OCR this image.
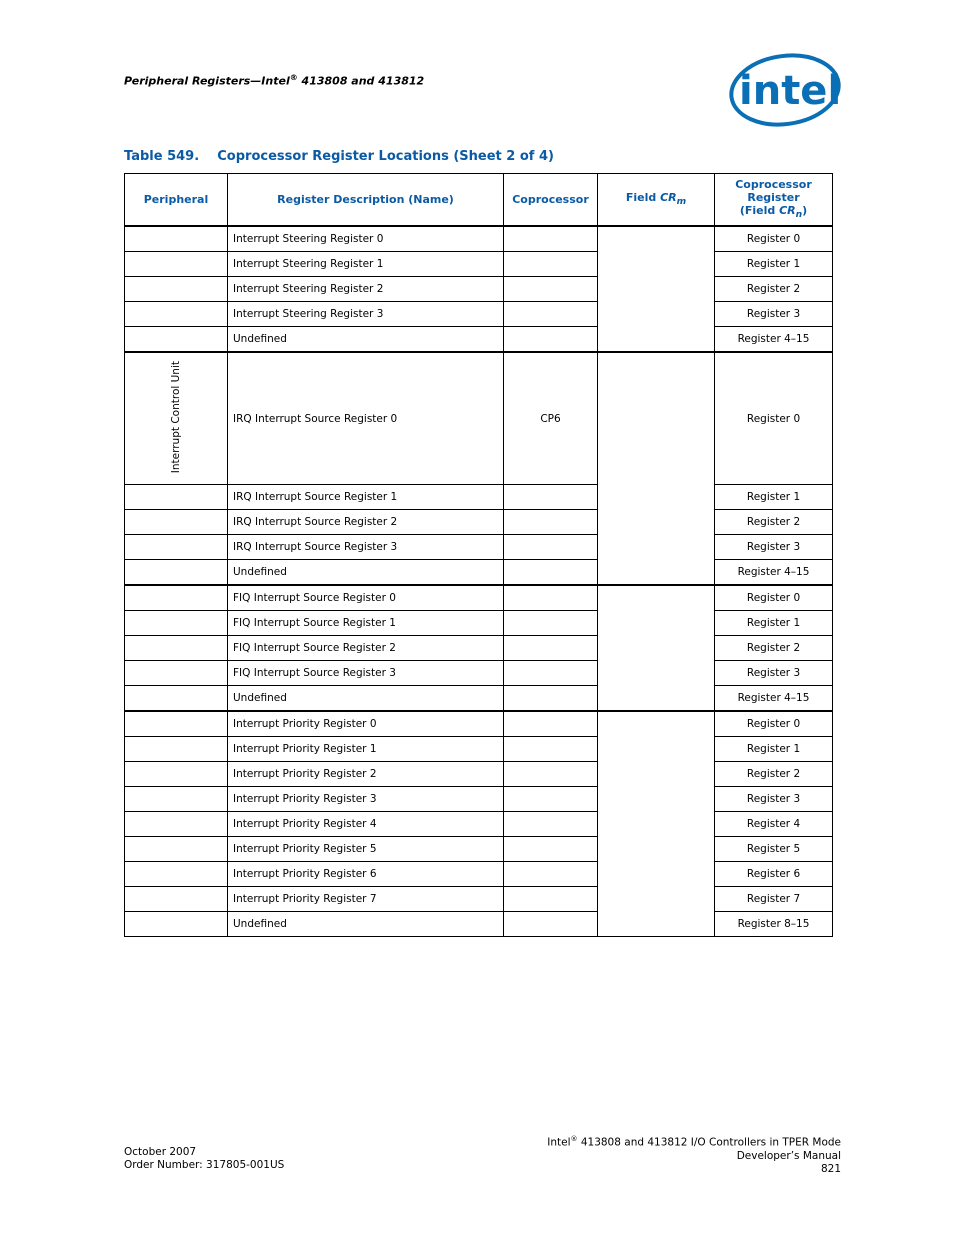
Peripheral Registers—Intel® 413808 and 413812	intel
Table 549. Coprocessor Register Locations (Sheet 2 of 4)
Peripheral	Register Description (Name)	Coprocessor	Field $CR_m$	Coprocessor
Register
(Field $CR_n$)
	Interrupt Steering Register 0			Register 0
	Interrupt Steering Register 1			Register 1
	Interrupt Steering Register 2			Register 2
	Interrupt Steering Register 3			Register 3
	Undefined			Register 4–15
Interrupt Control Unit	IRQ Interrupt Source Register 0	CP6		Register 0
	IRQ Interrupt Source Register 1			Register 1
	IRQ Interrupt Source Register 2			Register 2
	IRQ Interrupt Source Register 3			Register 3
	Undefined			Register 4–15
	FIQ Interrupt Source Register 0			Register 0
	FIQ Interrupt Source Register 1			Register 1
	FIQ Interrupt Source Register 2			Register 2
	FIQ Interrupt Source Register 3			Register 3
	Undefined			Register 4–15
	Interrupt Priority Register 0			Register 0
	Interrupt Priority Register 1			Register 1
	Interrupt Priority Register 2			Register 2
	Interrupt Priority Register 3			Register 3
	Interrupt Priority Register 4			Register 4
	Interrupt Priority Register 5			Register 5
	Interrupt Priority Register 6			Register 6
	Interrupt Priority Register 7			Register 7
	Undefined			Register 8–15
October 2007
Order Number: 317805-001US
Intel® 413808 and 413812 I/O Controllers in TPER Mode
Developer’s Manual
821
